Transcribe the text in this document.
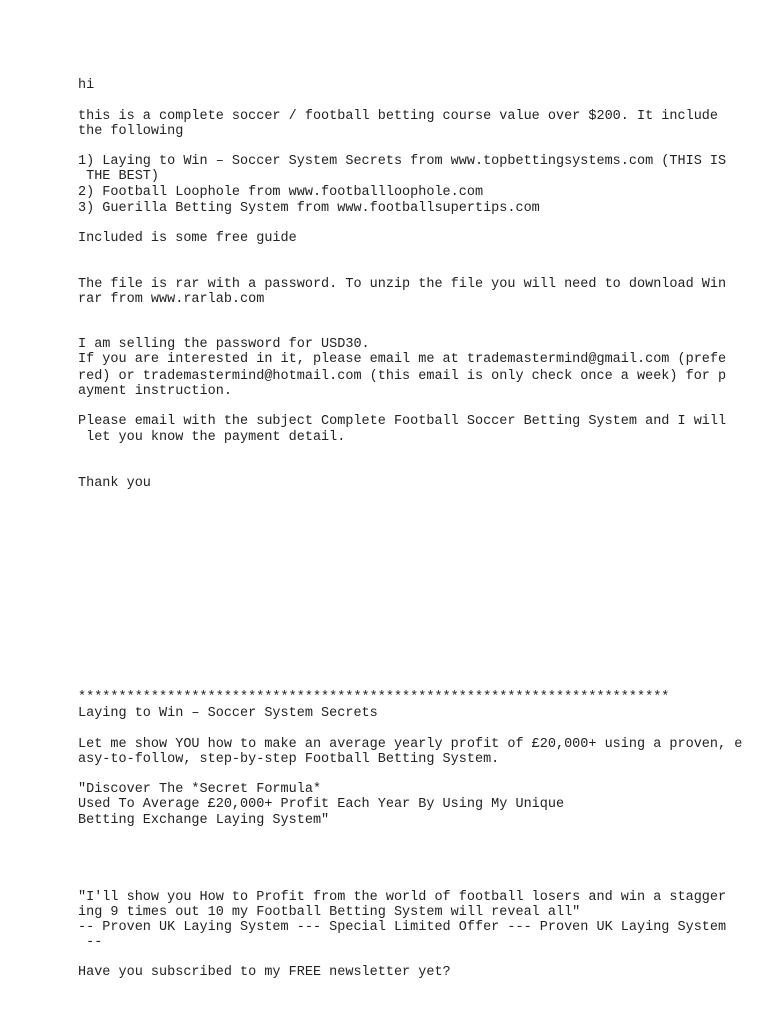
hi

this is a complete soccer / football betting course value over $200. It include

the following

1) Laying to Win – Soccer System Secrets from www.topbettingsystems.com (THIS IS

THE BEST)

2) Football Loophole from www.footballloophole.com

3) Guerilla Betting System from www.footballsupertips.com

Included is some free guide

The file is rar with a password. To unzip the file you will need to download Win

rar from www.rarlab.com

I am selling the password for USD30.

If you are interested in it, please email me at trademastermind@gmail.com (prefe

red) or trademastermind@hotmail.com (this email is only check once a week) for p

ayment instruction.

Please email with the subject Complete Football Soccer Betting System and I will

let you know the payment detail.

Thank you

*************************************************************************

Laying to Win – Soccer System Secrets

Let me show YOU how to make an average yearly profit of £20,000+ using a proven, e

asy-to-follow, step-by-step Football Betting System.

"Discover The *Secret Formula*

Used To Average £20,000+ Profit Each Year By Using My Unique

Betting Exchange Laying System"

"I'll show you How to Profit from the world of football losers and win a stagger

ing 9 times out 10 my Football Betting System will reveal all"

-- Proven UK Laying System --- Special Limited Offer --- Proven UK Laying System

--

Have you subscribed to my FREE newsletter yet?
